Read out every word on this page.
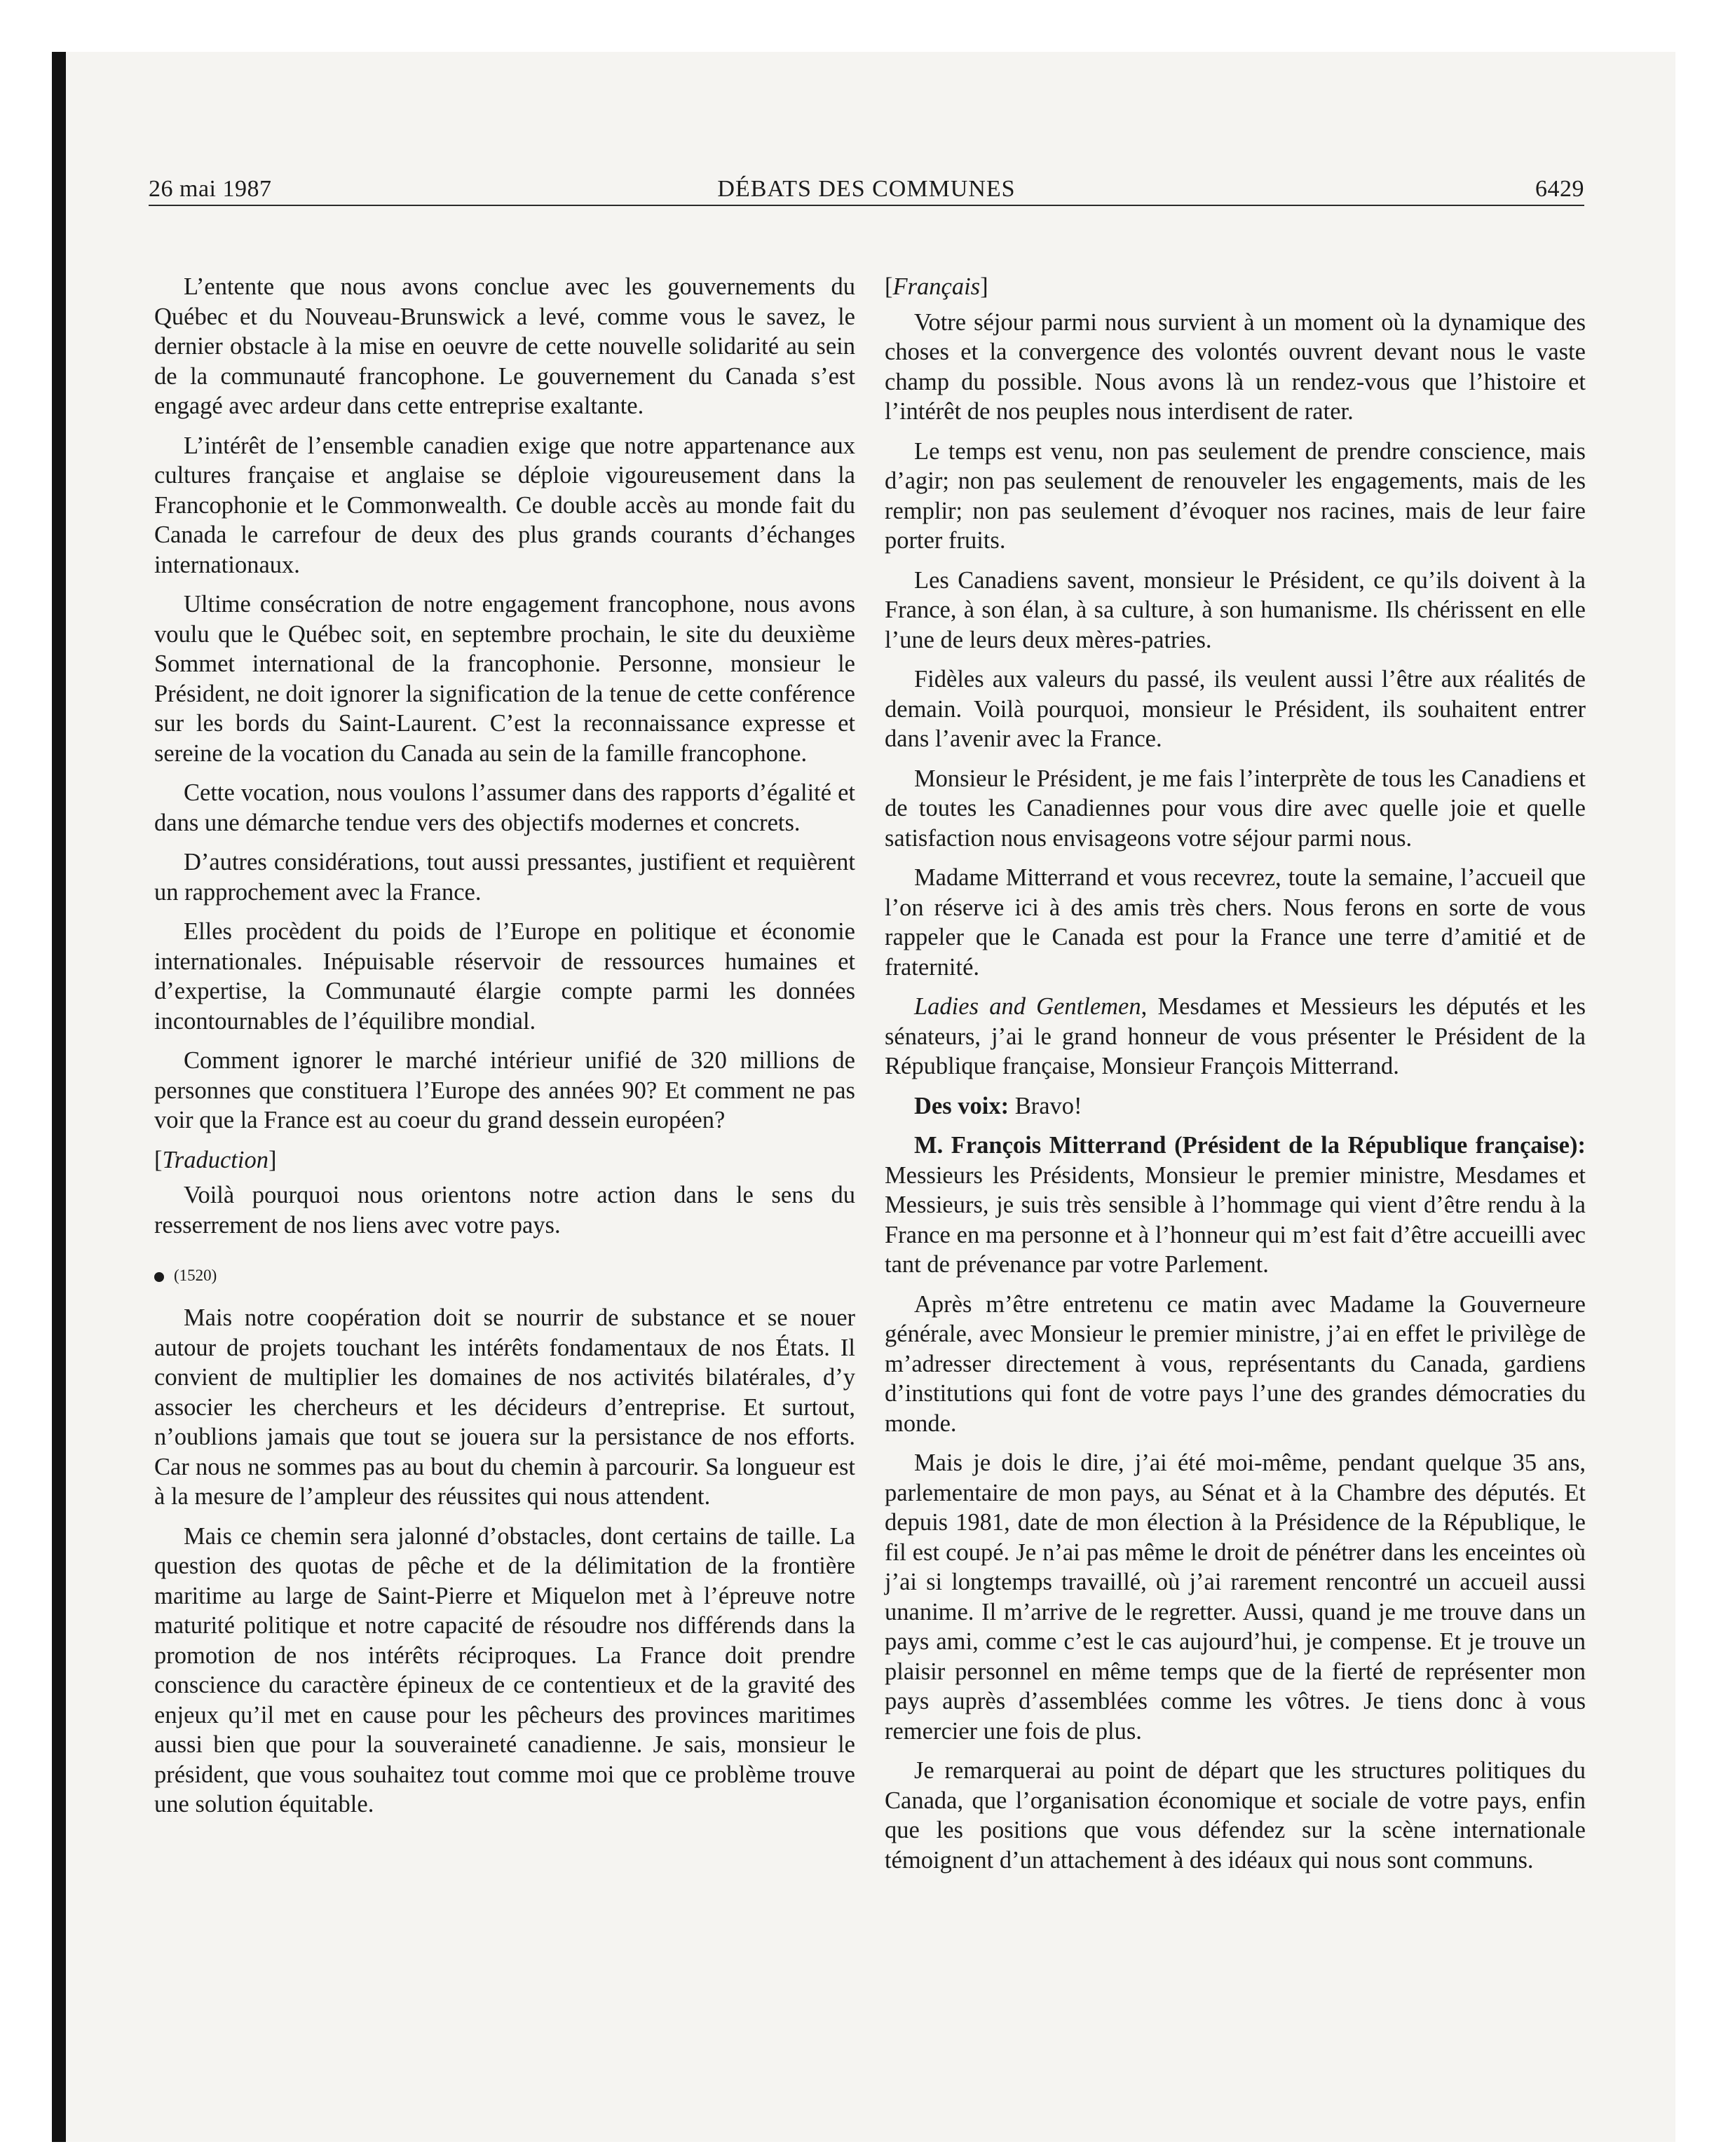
26 mai 1987	DÉBATS DES COMMUNES	6429

L’entente que nous avons conclue avec les gouvernements du Québec et du Nouveau-Brunswick a levé, comme vous le savez, le dernier obstacle à la mise en oeuvre de cette nouvelle solidarité au sein de la communauté francophone. Le gouvernement du Canada s’est engagé avec ardeur dans cette entreprise exaltante.

L’intérêt de l’ensemble canadien exige que notre appartenance aux cultures française et anglaise se déploie vigoureusement dans la Francophonie et le Commonwealth. Ce double accès au monde fait du Canada le carrefour de deux des plus grands courants d’échanges internationaux.

Ultime consécration de notre engagement francophone, nous avons voulu que le Québec soit, en septembre prochain, le site du deuxième Sommet international de la francophonie. Personne, monsieur le Président, ne doit ignorer la signification de la tenue de cette conférence sur les bords du Saint-Laurent. C’est la reconnaissance expresse et sereine de la vocation du Canada au sein de la famille francophone.

Cette vocation, nous voulons l’assumer dans des rapports d’égalité et dans une démarche tendue vers des objectifs modernes et concrets.

D’autres considérations, tout aussi pressantes, justifient et requièrent un rapprochement avec la France.

Elles procèdent du poids de l’Europe en politique et économie internationales. Inépuisable réservoir de ressources humaines et d’expertise, la Communauté élargie compte parmi les données incontournables de l’équilibre mondial.

Comment ignorer le marché intérieur unifié de 320 millions de personnes que constituera l’Europe des années 90? Et comment ne pas voir que la France est au coeur du grand dessein européen?

[Traduction]

Voilà pourquoi nous orientons notre action dans le sens du resserrement de nos liens avec votre pays.

(1520)

Mais notre coopération doit se nourrir de substance et se nouer autour de projets touchant les intérêts fondamentaux de nos États. Il convient de multiplier les domaines de nos activités bilatérales, d’y associer les chercheurs et les décideurs d’entreprise. Et surtout, n’oublions jamais que tout se jouera sur la persistance de nos efforts. Car nous ne sommes pas au bout du chemin à parcourir. Sa longueur est à la mesure de l’ampleur des réussites qui nous attendent.

Mais ce chemin sera jalonné d’obstacles, dont certains de taille. La question des quotas de pêche et de la délimitation de la frontière maritime au large de Saint-Pierre et Miquelon met à l’épreuve notre maturité politique et notre capacité de résoudre nos différends dans la promotion de nos intérêts réciproques. La France doit prendre conscience du caractère épineux de ce contentieux et de la gravité des enjeux qu’il met en cause pour les pêcheurs des provinces maritimes aussi bien que pour la souveraineté canadienne. Je sais, monsieur le président, que vous souhaitez tout comme moi que ce problème trouve une solution équitable.

[Français]

Votre séjour parmi nous survient à un moment où la dynamique des choses et la convergence des volontés ouvrent devant nous le vaste champ du possible. Nous avons là un rendez-vous que l’histoire et l’intérêt de nos peuples nous interdisent de rater.

Le temps est venu, non pas seulement de prendre conscience, mais d’agir; non pas seulement de renouveler les engagements, mais de les remplir; non pas seulement d’évoquer nos racines, mais de leur faire porter fruits.

Les Canadiens savent, monsieur le Président, ce qu’ils doivent à la France, à son élan, à sa culture, à son humanisme. Ils chérissent en elle l’une de leurs deux mères-patries.

Fidèles aux valeurs du passé, ils veulent aussi l’être aux réalités de demain. Voilà pourquoi, monsieur le Président, ils souhaitent entrer dans l’avenir avec la France.

Monsieur le Président, je me fais l’interprète de tous les Canadiens et de toutes les Canadiennes pour vous dire avec quelle joie et quelle satisfaction nous envisageons votre séjour parmi nous.

Madame Mitterrand et vous recevrez, toute la semaine, l’accueil que l’on réserve ici à des amis très chers. Nous ferons en sorte de vous rappeler que le Canada est pour la France une terre d’amitié et de fraternité.

Ladies and Gentlemen, Mesdames et Messieurs les députés et les sénateurs, j’ai le grand honneur de vous présenter le Président de la République française, Monsieur François Mitterrand.

Des voix: Bravo!

M. François Mitterrand (Président de la République française): Messieurs les Présidents, Monsieur le premier ministre, Mesdames et Messieurs, je suis très sensible à l’hommage qui vient d’être rendu à la France en ma personne et à l’honneur qui m’est fait d’être accueilli avec tant de prévenance par votre Parlement.

Après m’être entretenu ce matin avec Madame la Gouverneure générale, avec Monsieur le premier ministre, j’ai en effet le privilège de m’adresser directement à vous, représentants du Canada, gardiens d’institutions qui font de votre pays l’une des grandes démocraties du monde.

Mais je dois le dire, j’ai été moi-même, pendant quelque 35 ans, parlementaire de mon pays, au Sénat et à la Chambre des députés. Et depuis 1981, date de mon élection à la Présidence de la République, le fil est coupé. Je n’ai pas même le droit de pénétrer dans les enceintes où j’ai si longtemps travaillé, où j’ai rarement rencontré un accueil aussi unanime. Il m’arrive de le regretter. Aussi, quand je me trouve dans un pays ami, comme c’est le cas aujourd’hui, je compense. Et je trouve un plaisir personnel en même temps que de la fierté de représenter mon pays auprès d’assemblées comme les vôtres. Je tiens donc à vous remercier une fois de plus.

Je remarquerai au point de départ que les structures politiques du Canada, que l’organisation économique et sociale de votre pays, enfin que les positions que vous défendez sur la scène internationale témoignent d’un attachement à des idéaux qui nous sont communs.
